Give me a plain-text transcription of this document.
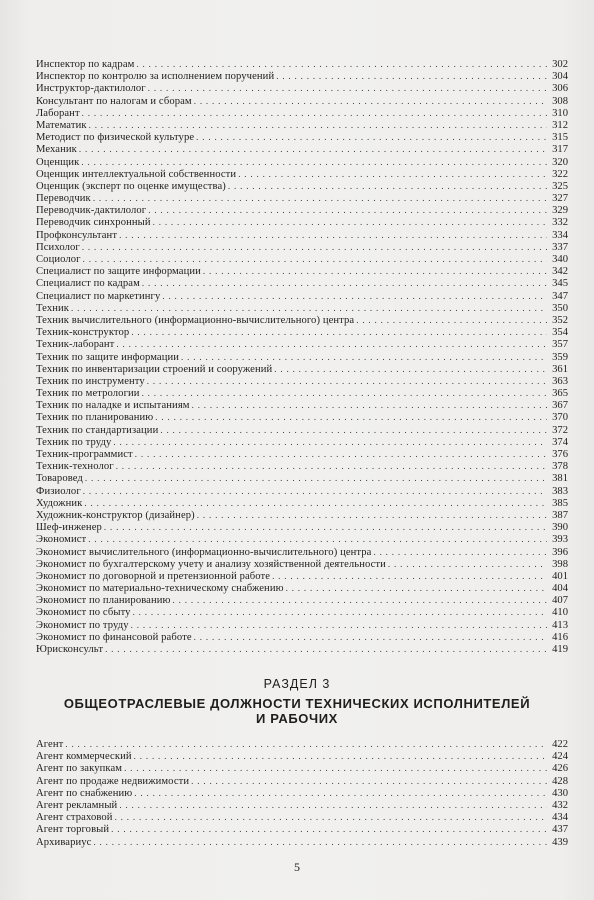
Инспектор по кадрам . . .	302
Инспектор по контролю за исполнением поручений . . .	304
Инструктор-дактилолог . . .	306
Консультант по налогам и сборам . . .	308
Лаборант . . .	310
Математик . . .	312
Методист по физической культуре . . .	315
Механик . . .	317
Оценщик . . .	320
Оценщик интеллектуальной собственности . . .	322
Оценщик (эксперт по оценке имущества) . . .	325
Переводчик . . .	327
Переводчик-дактилолог . . .	329
Переводчик синхронный . . .	332
Профконсультант . . .	334
Психолог . . .	337
Социолог . . .	340
Специалист по защите информации . . .	342
Специалист по кадрам . . .	345
Специалист по маркетингу . . .	347
Техник . . .	350
Техник вычислительного (информационно-вычислительного) центра . . .	352
Техник-конструктор . . .	354
Техник-лаборант . . .	357
Техник по защите информации . . .	359
Техник по инвентаризации строений и сооружений . . .	361
Техник по инструменту . . .	363
Техник по метрологии . . .	365
Техник по наладке и испытаниям . . .	367
Техник по планированию . . .	370
Техник по стандартизации . . .	372
Техник по труду . . .	374
Техник-программист . . .	376
Техник-технолог . . .	378
Товаровед . . .	381
Физиолог . . .	383
Художник . . .	385
Художник-конструктор (дизайнер) . . .	387
Шеф-инженер . . .	390
Экономист . . .	393
Экономист вычислительного (информационно-вычислительного) центра . . .	396
Экономист по бухгалтерскому учету и анализу хозяйственной деятельности . . .	398
Экономист по договорной и претензионной работе . . .	401
Экономист по материально-техническому снабжению . . .	404
Экономист по планированию . . .	407
Экономист по сбыту . . .	410
Экономист по труду . . .	413
Экономист по финансовой работе . . .	416
Юрисконсульт . . .	419
РАЗДЕЛ 3
ОБЩЕОТРАСЛЕВЫЕ ДОЛЖНОСТИ ТЕХНИЧЕСКИХ ИСПОЛНИТЕЛЕЙ
И РАБОЧИХ
Агент . . .	422
Агент коммерческий . . .	424
Агент по закупкам . . .	426
Агент по продаже недвижимости . . .	428
Агент по снабжению . . .	430
Агент рекламный . . .	432
Агент страховой . . .	434
Агент торговый . . .	437
Архивариус . . .	439
5
